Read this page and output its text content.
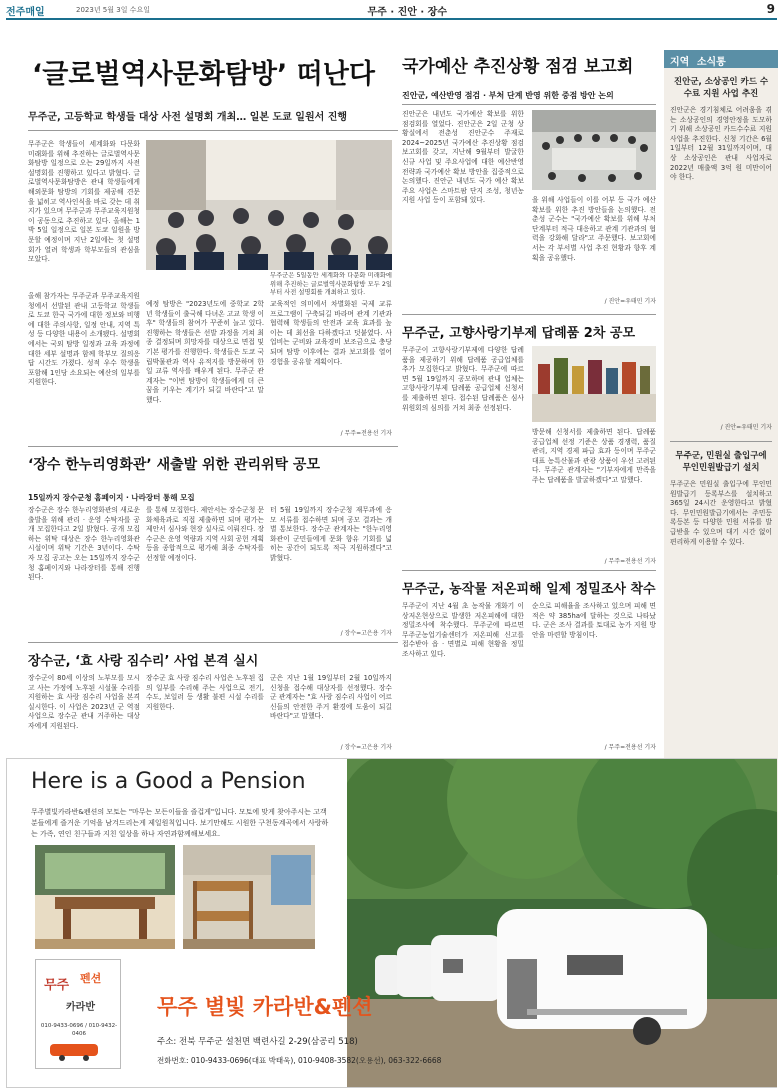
전주매일	2023년 5월 3일 수요일	무주 · 진안 · 장수	9
‘글로벌역사문화탐방’ 떠난다
무주군, 고등학교 학생들 대상 사전 설명회 개최… 일본 도쿄 일원서 진행
무주군은 학생들이 세계화와 다문화 미래화를 위해 추진하는 글로벌역사문화탐방 일정으로 오는 29일까지 사전 설명회를 진행하고 있다고 밝혔다. 글로벌역사문화탐방은 관내 학생들에게 해외문화 탐방의 기회를 제공해 견문을 넓히고 역사인식을 바로 갖는 데 취지가 있으며 무주군과 무주교육지원청이 공동으로 추진하고 있다. 올해는 1박 5일 일정으로 일본 도쿄 일원을 방문할 예정이며 지난 2일에는 첫 설명회가 열려 학생과 학부모들의 관심을 모았다.
올해 참가자는 무주군과 무주교육지원청에서 선발된 관내 고등학교 학생들로 도쿄 한국 국가에 대한 정보와 비행에 대한 주의사항, 일정 안내, 지역 특성 등 다양한 내용이 소개됐다. 설명회에서는 국외 탐방 일정과 교육 과정에 대한 세부 설명과 함께 학부모 질의응답 시간도 가졌다. 성적 우수 학생을 포함해 1인당 소요되는 예산의 일부를 지원한다.
무주군은 5일동안 세계화와 다문화 미래화에 위해 추진하는 글로벌역사문화탐방 모두 2일부터 사전 설명회를 개최하고 있다.
예정 탐방은 "2023년도에 중학교 2학년 학생들이 출국해 다녀온 고교 학생 이후" 학생들의 참여가 꾸준히 늘고 있다. 진행하는 학생들은 선발 과정을 거쳐 최종 결정되며 희망자를 대상으로 면접 및 기본 평가를 진행한다. 학생들은 도쿄 국립박물관과 역사 유적지를 방문하며 한일 교류 역사를 배우게 된다. 무주군 관계자는 "이번 탐방이 학생들에게 더 큰 꿈을 키우는 계기가 되길 바란다"고 말했다.
교육적인 의미에서 차별화된 국제 교류 프로그램이 구축되길 바라며 관계 기관과 협력해 학생들의 안전과 교육 효과를 높이는 데 최선을 다하겠다고 덧붙였다. 사업비는 군비와 교육경비 보조금으로 충당되며 탐방 이후에는 결과 보고회를 열어 경험을 공유할 계획이다.
/ 무주=전용선 기자
국가예산 추진상황 점검 보고회
진안군, 예산반영 점검 · 부처 단계 반영 위한 중점 방안 논의
진안군은 내년도 국가예산 확보를 위한 점검회를 열었다. 진안군은 2일 군청 상황실에서 전춘성 진안군수 주재로 2024~2025년 국가예산 추진상황 점검 보고회를 갖고, 지난해 9월부터 발굴한 신규 사업 및 주요사업에 대한 예산반영 전략과 국가예산 확보 방안을 집중적으로 논의했다. 진안군 내년도 국가 예산 확보 주요 사업은 스마트팜 단지 조성, 청년농 지원 사업 등이 포함돼 있다.	을 위해 사업들이 이를 어부 등 국가 예산 확보를 위한 추진 방안들을 논의했다. 전춘성 군수는 "국가예산 확보를 위해 부처 단계부터 적극 대응하고 관계 기관과의 협력을 강화해 달라"고 주문했다. 보고회에서는 각 부서별 사업 추진 현황과 향후 계획을 공유했다.
/ 진안=우태민 기자
무주군, 고향사랑기부제 답례품 2차 공모
무주군이 고향사랑기부제에 다양한 답례품을 제공하기 위해 답례품 공급업체를 추가 모집한다고 밝혔다. 무주군에 따르면 5월 19일까지 공모하며 관내 업체는 고향사랑기부제 답례품 공급업체 신청서를 제출하면 된다. 접수된 답례품은 심사위원회의 심의를 거쳐 최종 선정된다.
방문해 신청서를 제출하면 된다. 답례품 공급업체 선정 기준은 상품 경쟁력, 품질 관리, 지역 경제 파급 효과 등이며 무주군 대표 농특산물과 관광 상품이 우선 고려된다. 무주군 관계자는 "기부자에게 만족을 주는 답례품을 발굴하겠다"고 말했다.
/ 무주=전용선 기자
‘장수 한누리영화관’ 새출발 위한 관리위탁 공모
15일까지 장수군청 홈페이지 · 나라장터 통해 모집
장수군은 장수 한누리영화관의 새로운 출발을 위해 관리 · 운영 수탁자를 공개 모집한다고 2일 밝혔다. 공개 모집하는 위탁 대상은 장수 한누리영화관 시설이며 위탁 기간은 3년이다. 수탁자 모집 공고는 오는 15일까지 장수군청 홈페이지와 나라장터를 통해 진행된다.
를 통해 모집한다. 제안서는 장수군청 문화체육과로 직접 제출하면 되며 평가는 제안서 심사와 현장 실사로 이뤄진다. 장수군은 운영 역량과 지역 사회 공헌 계획 등을 종합적으로 평가해 최종 수탁자를 선정할 예정이다.
터 5월 19일까지 장수군청 재무과에 응모 서류를 접수하면 되며 공모 결과는 개별 통보한다. 장수군 관계자는 "한누리영화관이 군민들에게 문화 향유 기회를 넓히는 공간이 되도록 적극 지원하겠다"고 밝혔다.
/ 장수=고은용 기자
장수군, ‘효 사랑 짐수리’ 사업 본격 실시
장수군이 80세 이상의 노부모를 모시고 사는 가정에 노후된 시설물 수리를 지원하는 효 사랑 짐수리 사업을 본격 실시한다. 이 사업은 2023년 군 역점 사업으로 장수군 관내 거주하는 대상자에게 지원된다.
장수군 효 사랑 짐수리 사업은 노후된 집의 일부를 수리해 주는 사업으로 전기, 수도, 보일러 등 생활 불편 시설 수리를 지원한다.
군은 지난 1월 19일부터 2월 10일까지 신청을 접수해 대상자를 선정했다. 장수군 관계자는 "효 사랑 짐수리 사업이 어르신들의 안전한 주거 환경에 도움이 되길 바란다"고 말했다.
/ 장수=고은용 기자
무주군, 농작물 저온피해 일제 정밀조사 착수
무주군이 지난 4월 초 농작물 개화기 이상저온현상으로 발생한 저온피해에 대한 정밀조사에 착수했다. 무주군에 따르면 무주군농업기술센터가 저온피해 신고를 접수받아 읍 · 면별로 피해 현황을 정밀 조사하고 있다.
순으로 피해율을 조사하고 있으며 피해 면적은 약 385ha에 달하는 것으로 나타났다. 군은 조사 결과를 토대로 농가 지원 방안을 마련할 방침이다.
/ 무주=전용선 기자
지역 소식통
진안군, 소상공인 카드 수수료 지원 사업 추진
진안군은 경기침체로 어려움을 겪는 소상공인의 경영안정을 도모하기 위해 소상공인 카드수수료 지원 사업을 추진한다. 신청 기간은 6월 1일부터 12월 31일까지이며, 대상 소상공인은 관내 사업자로 2022년 매출액 3억 원 미만이어야 한다.
/ 진안=우태민 기자
무주군, 민원실 출입구에 무인민원발급기 설치
무주군은 민원실 출입구에 무인민원발급기 등록부스를 설치하고 365일 24시간 운영한다고 밝혔다. 무인민원발급기에서는 주민등록등본 등 다양한 민원 서류를 발급받을 수 있으며 대기 시간 없이 편리하게 이용할 수 있다.
Here is a Good a Pension
무주별빛카라반&펜션의 모토는 "마무는 모든이들을 즐겁게"입니다. 모토에 맞게 찾아주시는 고객분들에게 즐거운 기억을 남겨드리는게 제일원칙입니다. 보기만해도 시원한 구천동계곡에서 사랑하는 가족, 연인 친구들과 지친 일상을 하나 자연과함께해보세요.
무주 펜션
카라반
010-9433-0696 / 010-9432-0406
무주 별빛 카라반&펜션
주소: 전북 무주군 설천면 백련사길 2-29(삼공리 518)
전화번호: 010-9433-0696(대표 박태욱), 010-9408-3582(오용선), 063-322-6668
